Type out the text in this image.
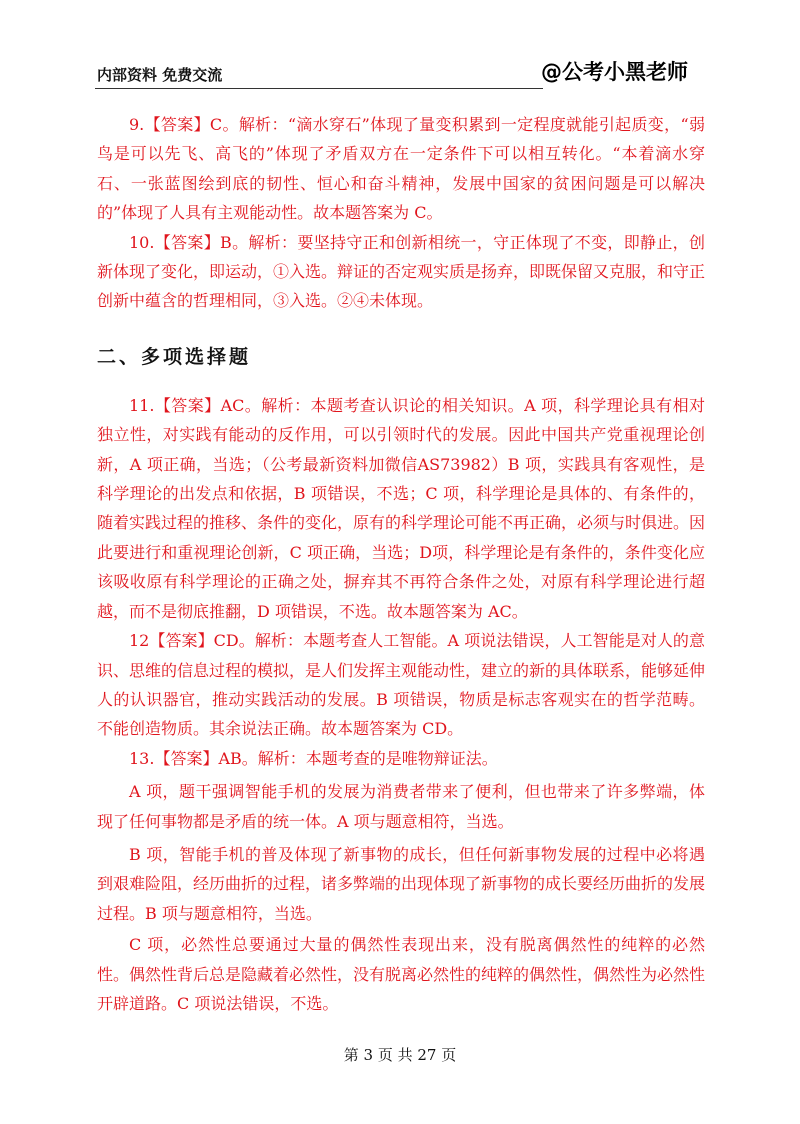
内部资料 免费交流	@公考小黑老师

9.【答案】C。解析：“滴水穿石”体现了量变积累到一定程度就能引起质变，“弱鸟是可以先飞、高飞的”体现了矛盾双方在一定条件下可以相互转化。“本着滴水穿石、一张蓝图绘到底的韧性、恒心和奋斗精神，发展中国家的贫困问题是可以解决的”体现了人具有主观能动性。故本题答案为 C。

10.【答案】B。解析：要坚持守正和创新相统一，守正体现了不变，即静止，创新体现了变化，即运动，①入选。辩证的否定观实质是扬弃，即既保留又克服，和守正创新中蕴含的哲理相同，③入选。②④未体现。

二、多项选择题

11.【答案】AC。解析：本题考查认识论的相关知识。A 项，科学理论具有相对独立性，对实践有能动的反作用，可以引领时代的发展。因此中国共产党重视理论创新，A 项正确，当选；（公考最新资料加微信AS73982）B 项，实践具有客观性，是科学理论的出发点和依据，B 项错误，不选；C 项，科学理论是具体的、有条件的，随着实践过程的推移、条件的变化，原有的科学理论可能不再正确，必须与时俱进。因此要进行和重视理论创新，C 项正确，当选；D项，科学理论是有条件的，条件变化应该吸收原有科学理论的正确之处，摒弃其不再符合条件之处，对原有科学理论进行超越，而不是彻底推翻，D 项错误，不选。故本题答案为 AC。

12【答案】CD。解析：本题考查人工智能。A 项说法错误，人工智能是对人的意识、思维的信息过程的模拟，是人们发挥主观能动性，建立的新的具体联系，能够延伸人的认识器官，推动实践活动的发展。B 项错误，物质是标志客观实在的哲学范畴。不能创造物质。其余说法正确。故本题答案为 CD。

13.【答案】AB。解析：本题考查的是唯物辩证法。

A 项，题干强调智能手机的发展为消费者带来了便利，但也带来了许多弊端，体现了任何事物都是矛盾的统一体。A 项与题意相符，当选。

B 项，智能手机的普及体现了新事物的成长，但任何新事物发展的过程中必将遇到艰难险阻，经历曲折的过程，诸多弊端的出现体现了新事物的成长要经历曲折的发展过程。B 项与题意相符，当选。

C 项，必然性总要通过大量的偶然性表现出来，没有脱离偶然性的纯粹的必然性。偶然性背后总是隐藏着必然性，没有脱离必然性的纯粹的偶然性，偶然性为必然性开辟道路。C 项说法错误，不选。

第 3 页 共 27 页
